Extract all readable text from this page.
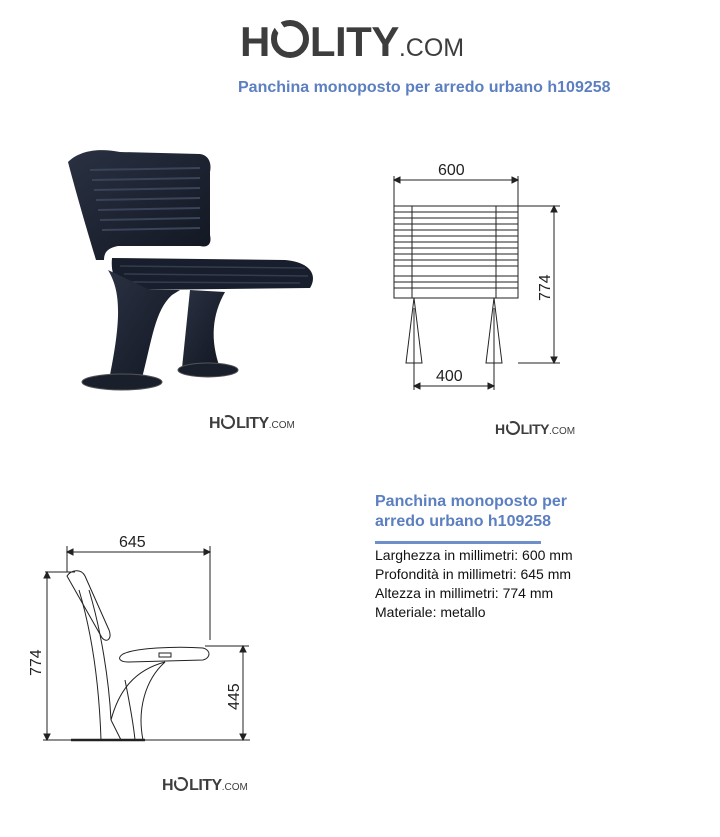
H LITY.COM
Panchina monoposto per arredo urbano h109258
H LITY.COM
600
400
774
H LITY.COM
645
774
445
H LITY.COM
Panchina monoposto per arredo urbano h109258
Larghezza in millimetri: 600 mm
Profondità in millimetri: 645 mm
Altezza in millimetri: 774 mm
Materiale: metallo
